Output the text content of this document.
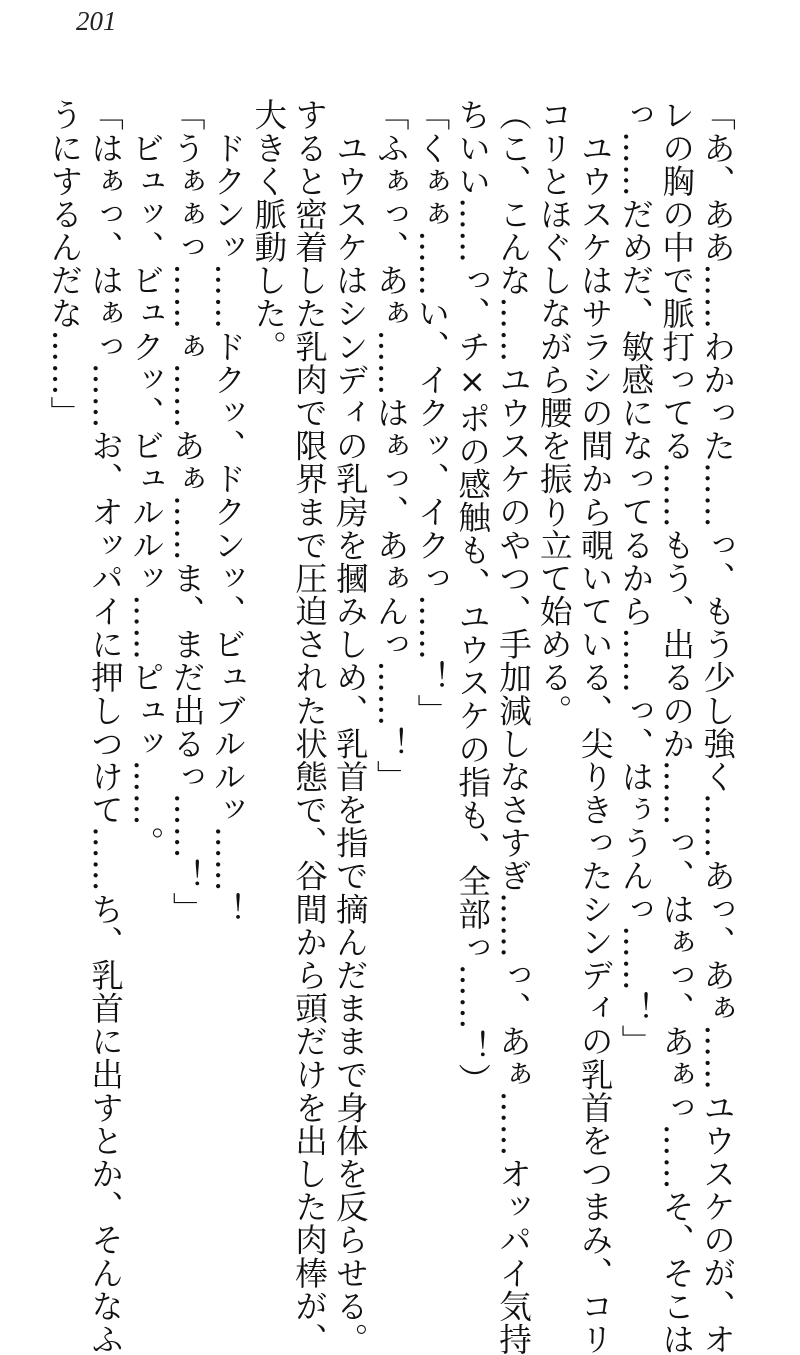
201
「あ、ああ……わかった……っ、もう少し強く……あっ、あぁ……ユウスケのが、オ
レの胸の中で脈打ってる……もう、出るのか……っ、はぁっ、あぁっ……そ、そこは
っ……だめだ、敏感になってるから……っ、はぅうんっ……！」
　ユウスケはサラシの間から覗いている、尖りきったシンディの乳首をつまみ、コリ
コリとほぐしながら腰を振り立て始める。
（こ、こんな……ユウスケのやつ、手加減しなさすぎ……っ、あぁ……オッパイ気持
ちいい……っ、チ×ポの感触も、ユウスケの指も、全部っ……！）
「くぁぁ……い、イクッ、イクっ……！」
「ふぁっ、あぁ……はぁっ、あぁんっ……！」
　ユウスケはシンディの乳房を摑みしめ、乳首を指で摘んだままで身体を反らせる。
すると密着した乳肉で限界まで圧迫された状態で、谷間から頭だけを出した肉棒が、
大きく脈動した。
　ドクンッ……ドクッ、ドクンッ、ビュブルルッ……！
「うぁぁっ……ぁ……あぁ……ま、まだ出るっ……！」
　ビュッ、ビュクッ、ビュルルッ……ピュッ……。
「はぁっ、はぁっ……お、オッパイに押しつけて……ち、乳首に出すとか、そんなふ
うにするんだな……」
